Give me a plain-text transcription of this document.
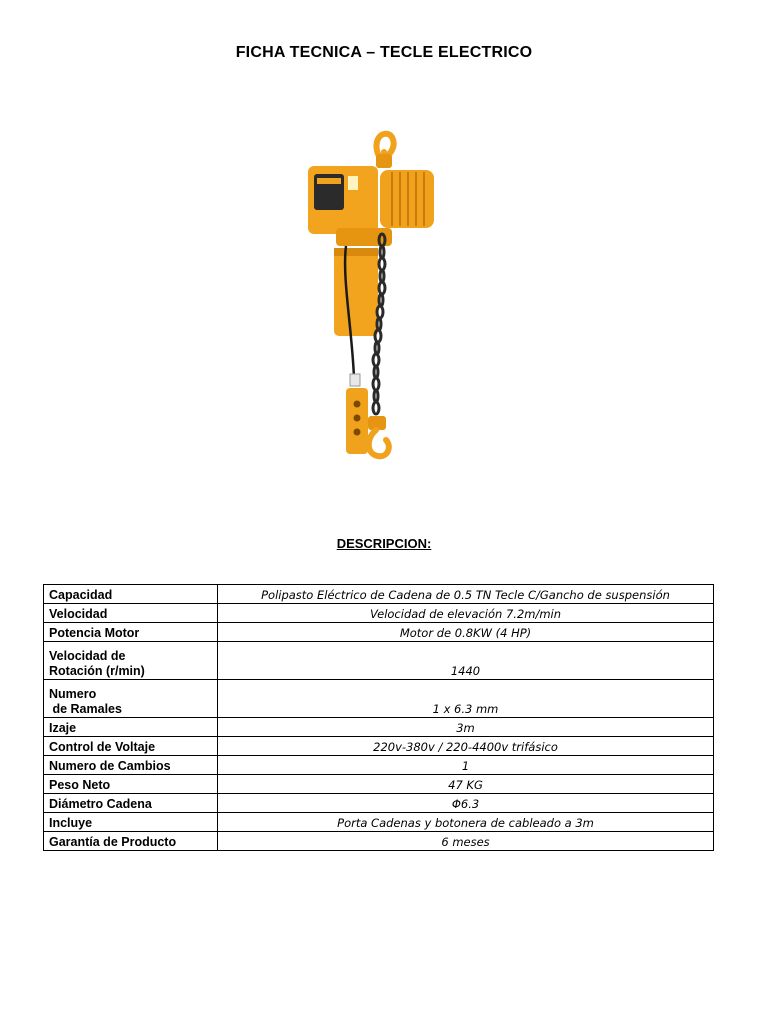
FICHA TECNICA – TECLE ELECTRICO
DESCRIPCION:
Capacidad	Polipasto Eléctrico de Cadena de 0.5 TN Tecle C/Gancho de suspensión

Velocidad	Velocidad de elevación 7.2m/min

Potencia Motor	Motor de 0.8KW (4 HP)

Velocidad de
Rotación (r/min)	1440

Numero
de Ramales	1 x 6.3 mm

Izaje	3m

Control de Voltaje	220v-380v / 220-4400v trifásico

Numero de Cambios	1

Peso Neto	47 KG

Diámetro Cadena	Φ6.3

Incluye	Porta Cadenas y botonera de cableado a 3m

Garantía de Producto	6 meses
